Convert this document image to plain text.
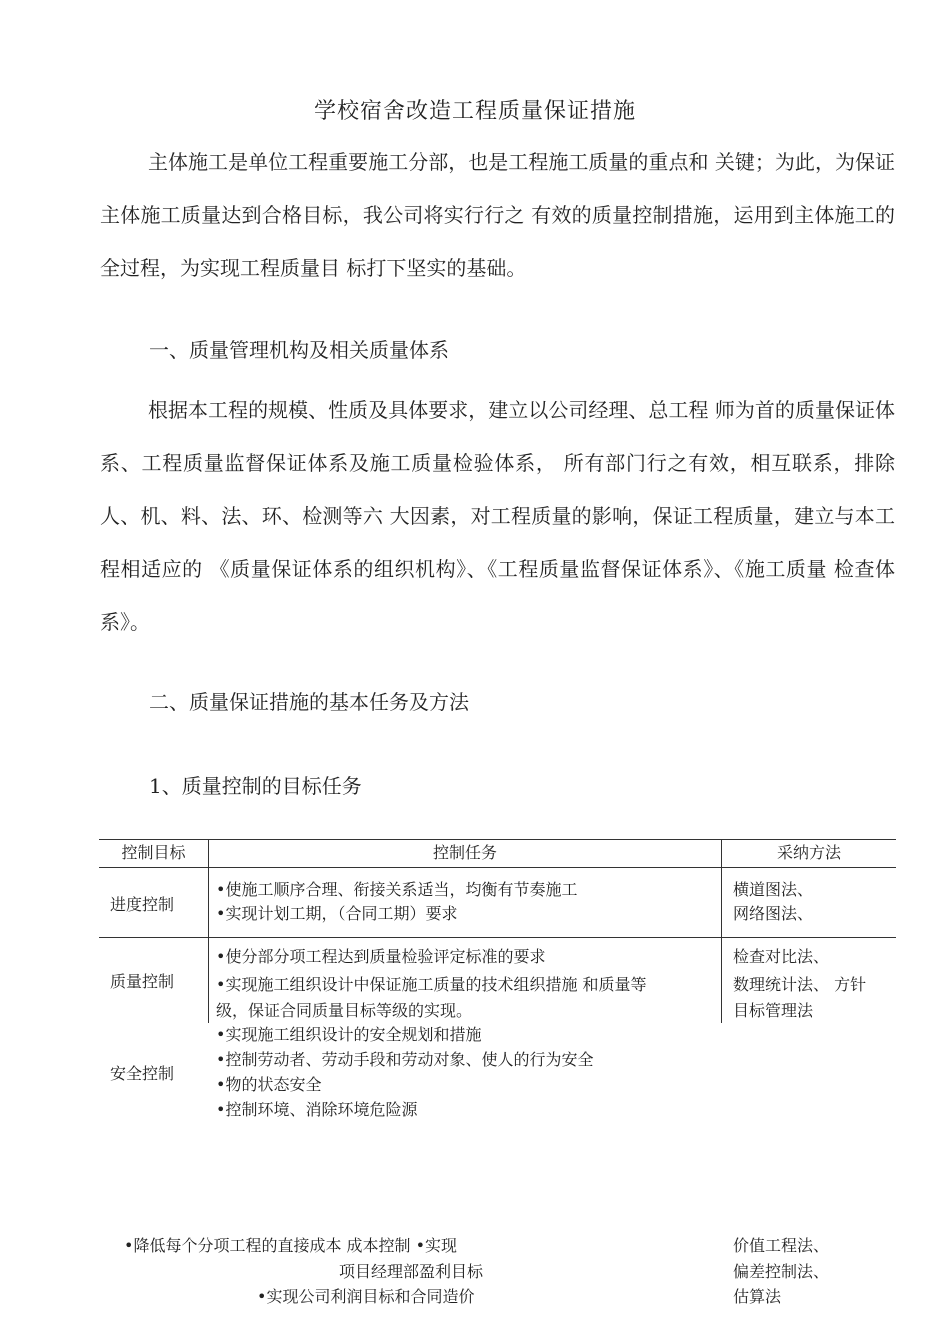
学校宿舍改造工程质量保证措施

主体施工是单位工程重要施工分部，也是工程施工质量的重点和 关键；为此，为保证主体施工质量达到合格目标，我公司将实行行之 有效的质量控制措施，运用到主体施工的全过程，为实现工程质量目 标打下坚实的基础。

一、质量管理机构及相关质量体系

根据本工程的规模、性质及具体要求，建立以公司经理、总工程 师为首的质量保证体系、工程质量监督保证体系及施工质量检验体系， 所有部门行之有效，相互联系，排除人、机、料、法、环、检测等六 大因素，对工程质量的影响，保证工程质量，建立与本工程相适应的 《质量保证体系的组织机构》、《工程质量监督保证体系》、《施工质量 检查体系》。

二、质量保证措施的基本任务及方法

1、质量控制的目标任务

控制目标	控制任务	采纳方法
进度控制
•使施工顺序合理、衔接关系适当，均衡有节奏施工
•实现计划工期，（合同工期）要求
横道图法、
网络图法、
质量控制
•使分部分项工程达到质量检验评定标准的要求
•实现施工组织设计中保证施工质量的技术组织措施 和质量等
级，保证合同质量目标等级的实现。
检查对比法、
数理统计法、 方针
目标管理法
安全控制
•实现施工组织设计的安全规划和措施
•控制劳动者、劳动手段和劳动对象、使人的行为安全
•物的状态安全
•控制环境、消除环境危险源
•降低每个分项工程的直接成本 成本控制 •实现
项目经理部盈利目标
•实现公司利润目标和合同造价
价值工程法、
偏差控制法、
估算法
